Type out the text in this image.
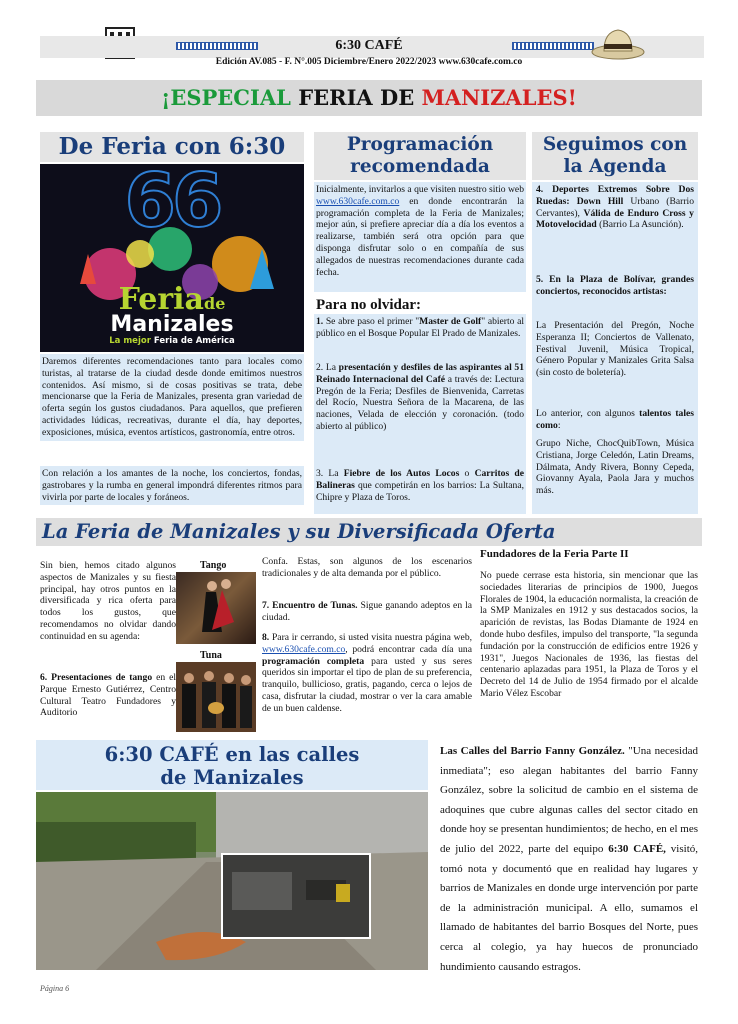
6:30 CAFÉ
Edición AV.085 - F. N°.005 Diciembre/Enero 2022/2023 www.630cafe.com.co
¡ESPECIAL FERIA DE MANIZALES!
De Feria con 6:30
66
Feriade
Manizales
La mejor Feria de América

Daremos diferentes recomendaciones tanto para locales como turistas, al tratarse de la ciudad desde donde emitimos nuestros contenidos. Así mismo, si de cosas positivas se trata, debe mencionarse que la Feria de Manizales, presenta gran variedad de oferta según los gustos ciudadanos. Para aquellos, que prefieren actividades lúdicas, recreativas, durante el día, hay deportes, exposiciones, música, eventos artísticos, gastronomía, entre otros.

Con relación a los amantes de la noche, los conciertos, fondas, gastrobares y la rumba en general impondrá diferentes ritmos para vivirla por parte de locales y foráneos.

Programación recomendada

Inicialmente, invitarlos a que visiten nuestro sitio web www.630cafe.com.co en donde encontrarán la programación completa de la Feria de Manizales; mejor aún, si prefiere apreciar día a día los eventos a realizarse, también será otra opción para que disponga disfrutar solo o en compañía de sus allegados de nuestras recomendaciones durante cada fecha.

Para no olvidar:

1. Se abre paso el primer "Master de Golf" abierto al público en el Bosque Popular El Prado de Manizales.

2. La presentación y desfiles de las aspirantes al 51 Reinado Internacional del Café a través de: Lectura Pregón de la Feria; Desfiles de Bienvenida, Carretas del Rocío, Nuestra Señora de la Macarena, de las naciones, Velada de elección y coronación. (todo abierto al público)

3. La Fiebre de los Autos Locos o Carritos de Balineras que competirán en los barrios: La Sultana, Chipre y Plaza de Toros.

Seguimos con la Agenda

4. Deportes Extremos Sobre Dos Ruedas: Down Hill Urbano (Barrio Cervantes), Válida de Enduro Cross y Motovelocidad (Barrio La Asunción).

5. En la Plaza de Bolívar, grandes conciertos, reconocidos artistas:

La Presentación del Pregón, Noche Esperanza II; Conciertos de Vallenato, Festival Juvenil, Música Tropical, Género Popular y Manizales Grita Salsa (sin costo de boletería).

Lo anterior, con algunos talentos tales como:

Grupo Niche, ChocQuibTown, Música Cristiana, Jorge Celedón, Latin Dreams, Dálmata, Andy Rivera, Bonny Cepeda, Giovanny Ayala, Paola Jara y muchos más.

La Feria de Manizales y su Diversificada Oferta

Sin bien, hemos citado algunos aspectos de Manizales y su fiesta principal, hay otros puntos en la diversificada y rica oferta para todos los gustos, que recomendamos no olvidar dando continuidad en su agenda:

6. Presentaciones de tango en el Parque Ernesto Gutiérrez, Centro Cultural Teatro Fundadores y Auditorio

Tango
Tuna

Confa. Estas, son algunos de los escenarios tradicionales y de alta demanda por el público.

7. Encuentro de Tunas. Sigue ganando adeptos en la ciudad.

8. Para ir cerrando, si usted visita nuestra página web, www.630cafe.com.co, podrá encontrar cada día una programación completa para usted y sus seres queridos sin importar el tipo de plan de su preferencia, tranquilo, bullicioso, gratis, pagando, cerca o lejos de casa, disfrutar la ciudad, mostrar o ver la cara amable de un buen caldense.

Fundadores de la Feria Parte II

No puede cerrase esta historia, sin mencionar que las sociedades literarias de principios de 1900, Juegos Florales de 1904, la educación normalista, la creación de la SMP Manizales en 1912 y sus destacados socios, la aparición de revistas, las Bodas Diamante de 1924 en donde hubo desfiles, impulso del transporte, "la segunda fundación por la construcción de edificios entre 1926 y 1931", Juegos Nacionales de 1936, las fiestas del centenario aplazadas para 1951, la Plaza de Toros y el Decreto del 14 de Julio de 1954 firmado por el alcalde Mario Vélez Escobar

6:30 CAFÉ en las calles de Manizales

Las Calles del Barrio Fanny González. "Una necesidad inmediata"; eso alegan habitantes del barrio Fanny González, sobre la solicitud de cambio en el sistema de adoquines que cubre algunas calles del sector citado en donde hoy se presentan hundimientos; de hecho, en el mes de julio del 2022, parte del equipo 6:30 CAFÉ, visitó, tomó nota y documentó que en realidad hay lugares y barrios de Manizales en donde urge intervención por parte de la administración municipal. A ello, sumamos el llamado de habitantes del barrio Bosques del Norte, pues cerca al colegio, ya hay huecos de pronunciado hundimiento causando estragos.

Página 6
